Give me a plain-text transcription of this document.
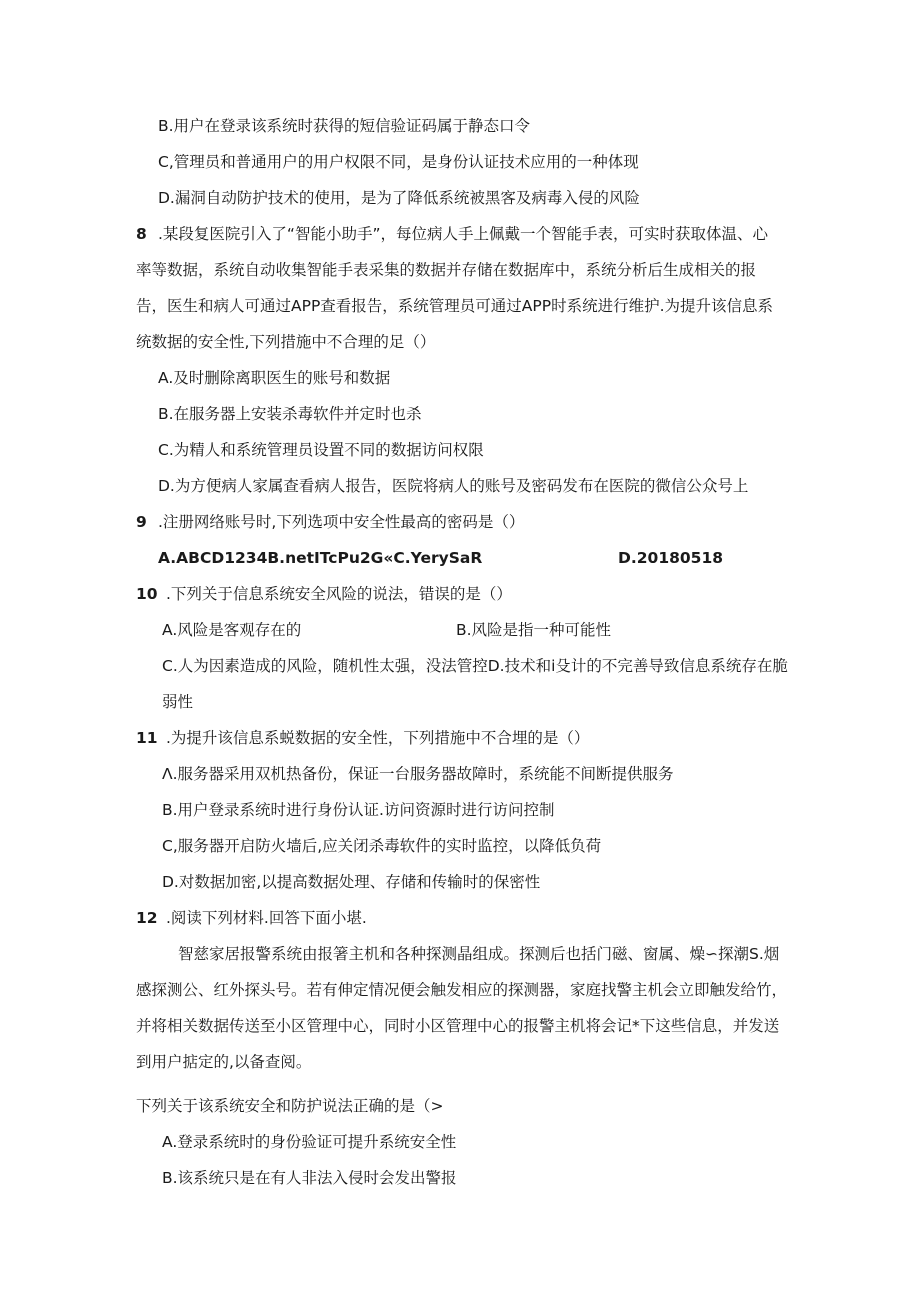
B.用户在登录该系统时获得的短信验证码属于静态口令
C,管理员和普通用户的用户权限不同，是身份认证技术应用的一种体现
D.漏洞自动防护技术的使用，是为了降低系统被黑客及病毒入侵的风险
8 .某段复医院引入了“智能小助手”，每位病人手上佩戴一个智能手表，可实时获取体温、心
率等数据，系统自动收集智能手表采集的数据并存储在数据库中，系统分析后生成相关的报
告，医生和病人可通过APP查看报告，系统管理员可通过APP时系统进行维护.为提升该信息系
统数据的安全性,下列措施中不合理的足（）
A.及时删除离职医生的账号和数据
B.在服务器上安装杀毒软件并定时也杀
C.为精人和系统管理员设置不同的数据访问权限
D.为方便病人家属查看病人报告，医院将病人的账号及密码发布在医院的微信公众号上
9 .注册网络账号时,下列选项中安全性最高的密码是（）
A.ABCD1234B.netITcPu2G«C.YerySaR	D.20180518
10 .下列关于信息系统安全风险的说法，错误的是（）
A.风险是客观存在的	B.风险是指一种可能性
C.人为因素造成的风险，随机性太强，没法管控D.技术和i殳计的不完善导致信息系统存在脆
弱性
11 .为提升该信息系蜕数据的安全性，下列措施中不合埋的是（）
Λ.服务器采用双机热备份，保证一台服务器故障时，系统能不间断提供服务
B.用户登录系统时进行身份认证.访问资源时进行访问控制
C,服务器开启防火墙后,应关闭杀毒软件的实时监控，以降低负荷
D.对数据加密,以提高数据处理、存储和传输时的保密性
12 .阅读下列材料.回答下面小堪.
智慈家居报警系统由报箸主机和各种探测晶组成。探测后也括门磁、窗属、燥∽探潮S.烟
感探测公、红外探头号。若有伸定情况便会触发相应的探测器，家庭找警主机会立即触发给竹，
并将相关数据传送至小区管理中心，同时小区管理中心的报警主机将会记*下这些信息，并发送
到用户掂定的,以备查阅。
下列关于该系统安全和防护说法正确的是（>
A.登录系统时的身份验证可提升系统安全性
B.该系统只是在有人非法入侵时会发出警报
